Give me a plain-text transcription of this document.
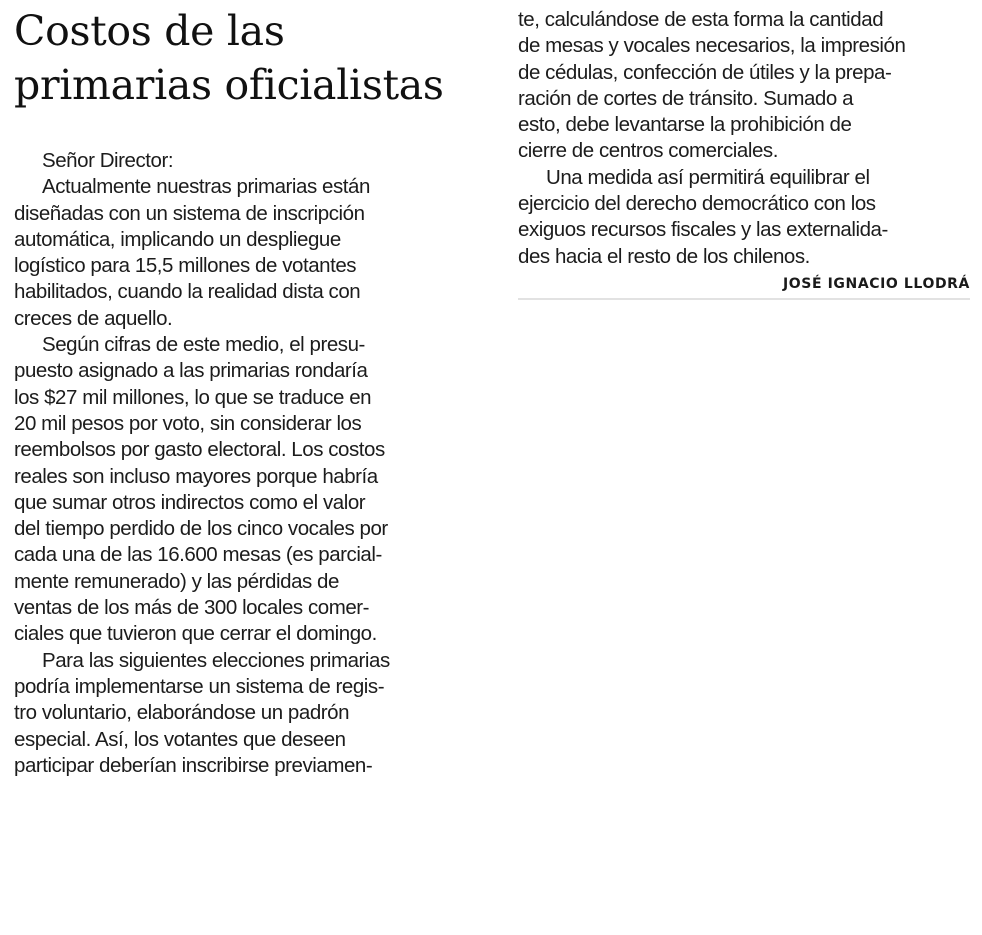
Costos de las
primarias oficialistas

Señor Director:

Actualmente nuestras primarias están
diseñadas con un sistema de inscripción
automática, implicando un despliegue
logístico para 15,5 millones de votantes
habilitados, cuando la realidad dista con
creces de aquello.

Según cifras de este medio, el presu-
puesto asignado a las primarias rondaría
los $27 mil millones, lo que se traduce en
20 mil pesos por voto, sin considerar los
reembolsos por gasto electoral. Los costos
reales son incluso mayores porque habría
que sumar otros indirectos como el valor
del tiempo perdido de los cinco vocales por
cada una de las 16.600 mesas (es parcial-
mente remunerado) y las pérdidas de
ventas de los más de 300 locales comer-
ciales que tuvieron que cerrar el domingo.

Para las siguientes elecciones primarias
podría implementarse un sistema de regis-
tro voluntario, elaborándose un padrón
especial. Así, los votantes que deseen
participar deberían inscribirse previamen-

te, calculándose de esta forma la cantidad
de mesas y vocales necesarios, la impresión
de cédulas, confección de útiles y la prepa-
ración de cortes de tránsito. Sumado a
esto, debe levantarse la prohibición de
cierre de centros comerciales.

Una medida así permitirá equilibrar el
ejercicio del derecho democrático con los
exiguos recursos fiscales y las externalida-
des hacia el resto de los chilenos.

JOSÉ IGNACIO LLODRÁ
